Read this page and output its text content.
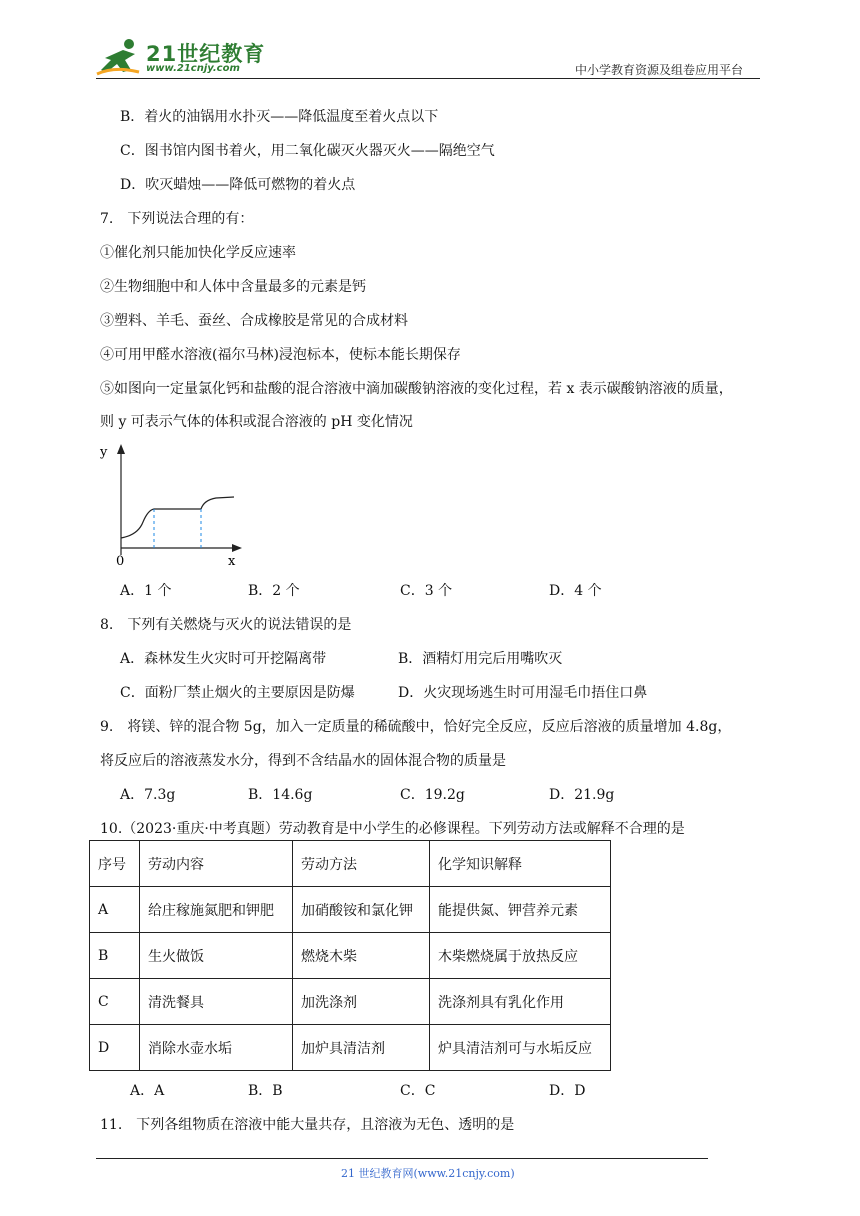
21世纪教育
www.21cnjy.com	中小学教育资源及组卷应用平台
B．着火的油锅用水扑灭——降低温度至着火点以下
C．图书馆内图书着火，用二氧化碳灭火器灭火——隔绝空气
D．吹灭蜡烛——降低可燃物的着火点
7.　下列说法合理的有：
①催化剂只能加快化学反应速率
②生物细胞中和人体中含量最多的元素是钙
③塑料、羊毛、蚕丝、合成橡胶是常见的合成材料
④可用甲醛水溶液(福尔马林)浸泡标本，使标本能长期保存
⑤如图向一定量氯化钙和盐酸的混合溶液中滴加碳酸钠溶液的变化过程，若 x 表示碳酸钠溶液的质量，
则 y 可表示气体的体积或混合溶液的 pH 变化情况
y
x
0
A．1 个	B．2 个	C．3 个	D．4 个
8.　下列有关燃烧与灭火的说法错误的是
A．森林发生火灾时可开挖隔离带	B．酒精灯用完后用嘴吹灭
C．面粉厂禁止烟火的主要原因是防爆	D．火灾现场逃生时可用湿毛巾捂住口鼻
9.　将镁、锌的混合物 5g，加入一定质量的稀硫酸中，恰好完全反应，反应后溶液的质量增加 4.8g，
将反应后的溶液蒸发水分，得到不含结晶水的固体混合物的质量是
A．7.3g	B．14.6g	C．19.2g	D．21.9g
10.（2023·重庆·中考真题）劳动教育是中小学生的必修课程。下列劳动方法或解释不合理的是
序号	劳动内容	劳动方法	化学知识解释
A	给庄稼施氮肥和钾肥	加硝酸铵和氯化钾	能提供氮、钾营养元素
B	生火做饭	燃烧木柴	木柴燃烧属于放热反应
C	清洗餐具	加洗涤剂	洗涤剂具有乳化作用
D	消除水壶水垢	加炉具清洁剂	炉具清洁剂可与水垢反应
A．A	B．B	C．C	D．D
11.　下列各组物质在溶液中能大量共存，且溶液为无色、透明的是
21 世纪教育网(www.21cnjy.com)
